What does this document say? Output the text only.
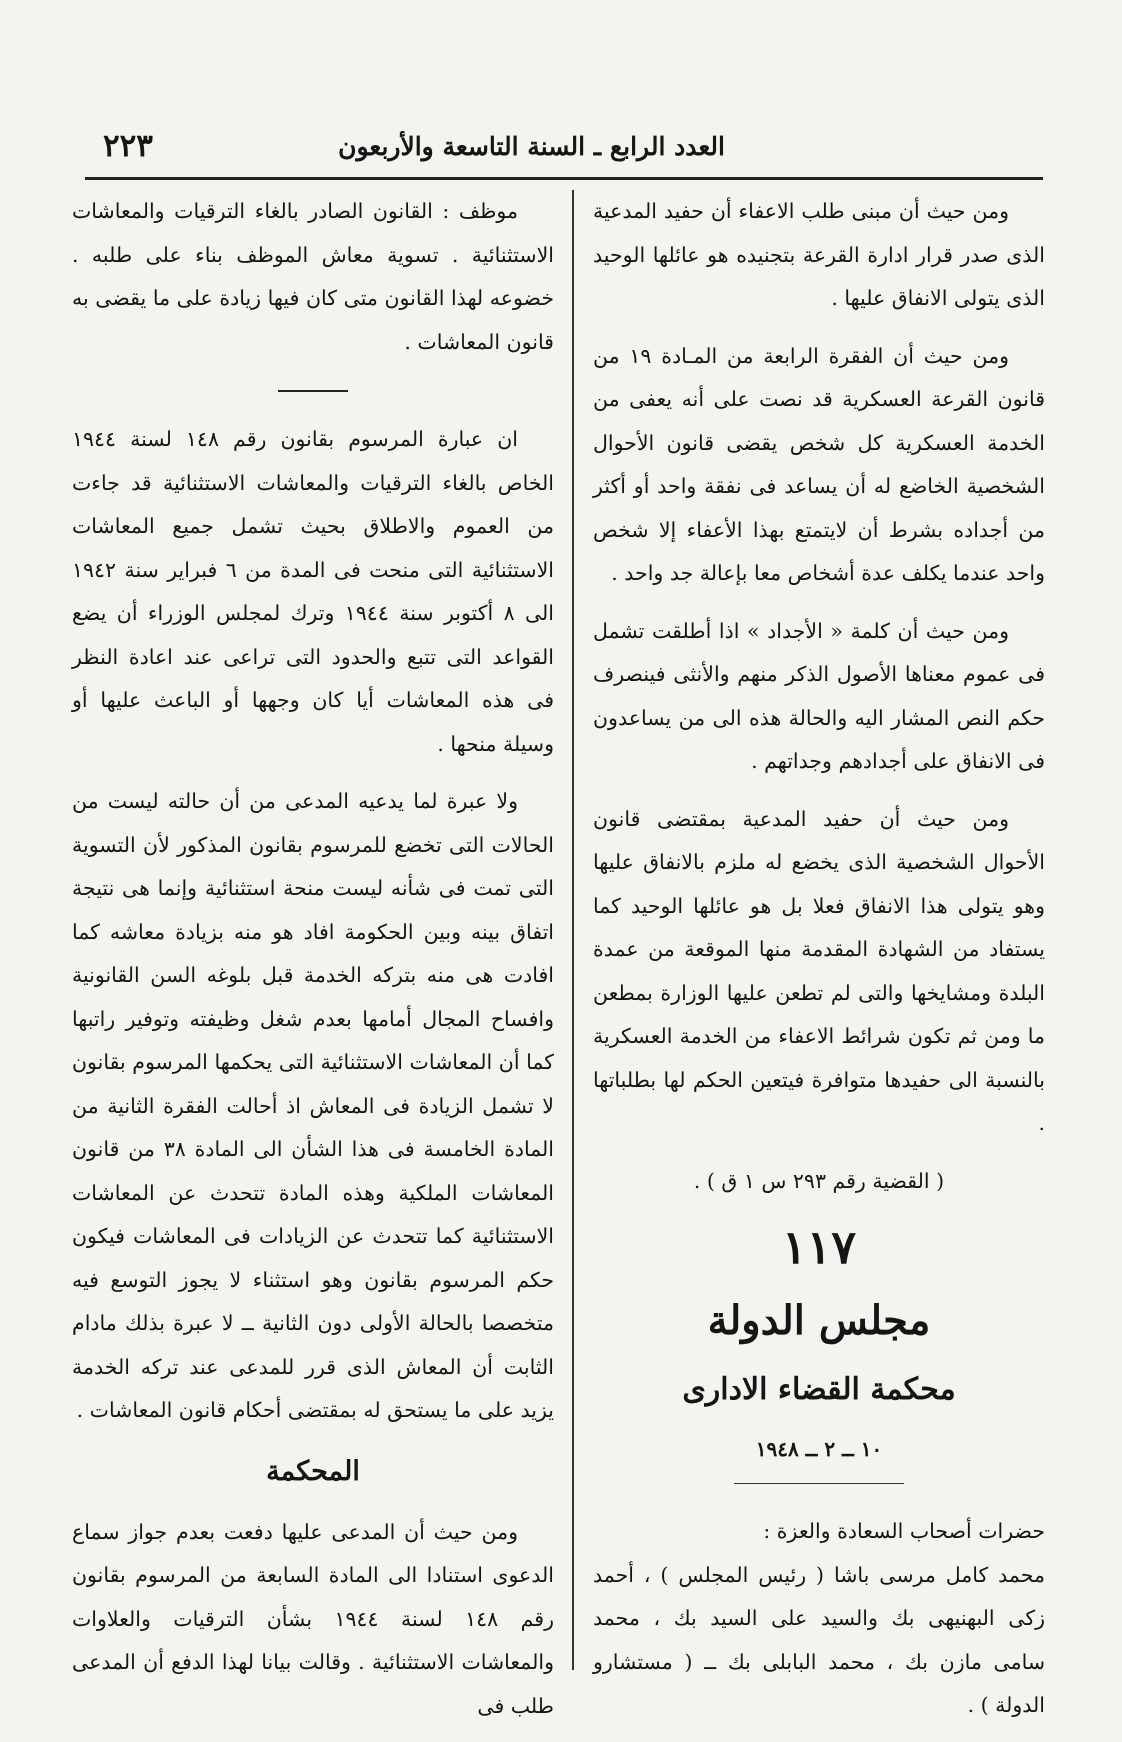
العدد الرابع ـ السنة التاسعة والأربعون
٢٢٣

ومن حيث أن مبنى طلب الاعفاء أن حفيد المدعية الذى صدر قرار ادارة القرعة بتجنيده هو عائلها الوحيد الذى يتولى الانفاق عليها .

ومن حيث أن الفقرة الرابعة من المـادة ١٩ من قانون القرعة العسكرية قد نصت على أنه يعفى من الخدمة العسكرية كل شخص يقضى قانون الأحوال الشخصية الخاضع له أن يساعد فى نفقة واحد أو أكثر من أجداده بشرط أن لايتمتع بهذا الأعفاء إلا شخص واحد عندما يكلف عدة أشخاص معا بإعالة جد واحد .

ومن حيث أن كلمة « الأجداد » اذا أطلقت تشمل فى عموم معناها الأصول الذكر منهم والأنثى فينصرف حكم النص المشار اليه والحالة هذه الى من يساعدون فى الانفاق على أجدادهم وجداتهم .

ومن حيث أن حفيد المدعية بمقتضى قانون الأحوال الشخصية الذى يخضع له ملزم بالانفاق عليها وهو يتولى هذا الانفاق فعلا بل هو عائلها الوحيد كما يستفاد من الشهادة المقدمة منها الموقعة من عمدة البلدة ومشايخها والتى لم تطعن عليها الوزارة بمطعن ما ومن ثم تكون شرائط الاعفاء من الخدمة العسكرية بالنسبة الى حفيدها متوافرة فيتعين الحكم لها بطلباتها .

( القضية رقم ٢٩٣ س ١ ق ) .

١١٧

مجلس الدولة

محكمة القضاء الادارى

١٠ ــ ٢ ــ ١٩٤٨

حضرات أصحاب السعادة والعزة :

محمد كامل مرسى باشا ( رئيس المجلس ) ، أحمد زكى البهنيهى بك والسيد على السيد بك ، محمد سامى مازن بك ، محمد البابلى بك ــ ( مستشارو الدولة ) .

موظف : القانون الصادر بالغاء الترقيات والمعاشات الاستثنائية . تسوية معاش الموظف بناء على طلبه . خضوعه لهذا القانون متى كان فيها زيادة على ما يقضى به قانون المعاشات .

ان عبارة المرسوم بقانون رقم ١٤٨ لسنة ١٩٤٤ الخاص بالغاء الترقيات والمعاشات الاستثنائية قد جاءت من العموم والاطلاق بحيث تشمل جميع المعاشات الاستثنائية التى منحت فى المدة من ٦ فبراير سنة ١٩٤٢ الى ٨ أكتوبر سنة ١٩٤٤ وترك لمجلس الوزراء أن يضع القواعد التى تتبع والحدود التى تراعى عند اعادة النظر فى هذه المعاشات أيا كان وجهها أو الباعث عليها أو وسيلة منحها .

ولا عبرة لما يدعيه المدعى من أن حالته ليست من الحالات التى تخضع للمرسوم بقانون المذكور لأن التسوية التى تمت فى شأنه ليست منحة استثنائية وإنما هى نتيجة اتفاق بينه وبين الحكومة افاد هو منه بزيادة معاشه كما افادت هى منه بتركه الخدمة قبل بلوغه السن القانونية وافساح المجال أمامها بعدم شغل وظيفته وتوفير راتبها كما أن المعاشات الاستثنائية التى يحكمها المرسوم بقانون لا تشمل الزيادة فى المعاش اذ أحالت الفقرة الثانية من المادة الخامسة فى هذا الشأن الى المادة ٣٨ من قانون المعاشات الملكية وهذه المادة تتحدث عن المعاشات الاستثنائية كما تتحدث عن الزيادات فى المعاشات فيكون حكم المرسوم بقانون وهو استثناء لا يجوز التوسع فيه متخصصا بالحالة الأولى دون الثانية ــ لا عبرة بذلك مادام الثابت أن المعاش الذى قرر للمدعى عند تركه الخدمة يزيد على ما يستحق له بمقتضى أحكام قانون المعاشات .

المحكمة

ومن حيث أن المدعى عليها دفعت بعدم جواز سماع الدعوى استنادا الى المادة السابعة من المرسوم بقانون رقم ١٤٨ لسنة ١٩٤٤ بشأن الترقيات والعلاوات والمعاشات الاستثنائية . وقالت بيانا لهذا الدفع أن المدعى طلب فى
